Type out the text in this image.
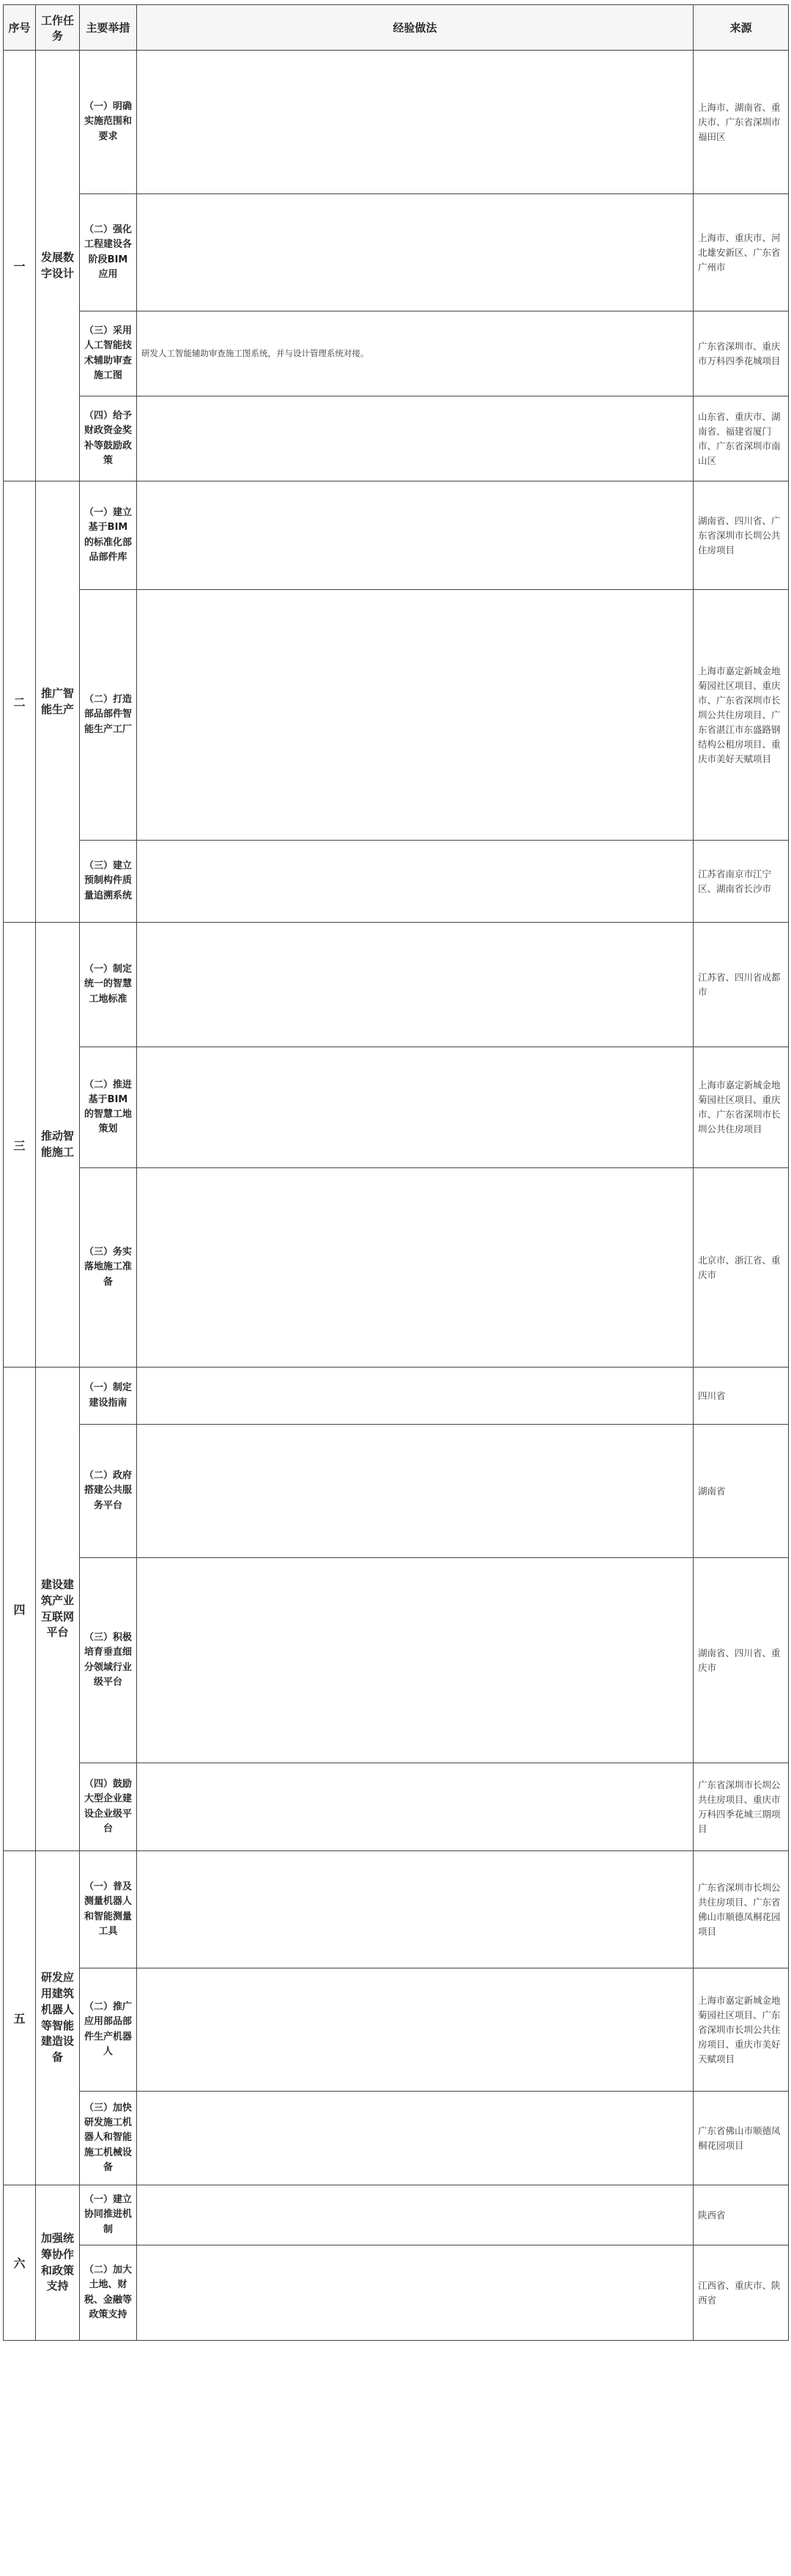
序号	工作任务	主要举措	经验做法	来源
一	发展数字设计	（一）明确实施范围和要求		上海市、湖南省、重庆市、广东省深圳市福田区
		（二）强化工程建设各阶段BIM应用		上海市、重庆市、河北雄安新区、广东省广州市
		（三）采用人工智能技术辅助审查施工图	研发人工智能辅助审查施工图系统，并与设计管理系统对接。	广东省深圳市、重庆市万科四季花城项目
		（四）给予财政资金奖补等鼓励政策		山东省、重庆市、湖南省、福建省厦门市、广东省深圳市南山区
二	推广智能生产	（一）建立基于BIM的标准化部品部件库		湖南省、四川省、广东省深圳市长圳公共住房项目
		（二）打造部品部件智能生产工厂		上海市嘉定新城金地菊园社区项目、重庆市、广东省深圳市长圳公共住房项目、广东省湛江市东盛路钢结构公租房项目、重庆市美好天赋项目
		（三）建立预制构件质量追溯系统		江苏省南京市江宁区、湖南省长沙市
三	推动智能施工	（一）制定统一的智慧工地标准		江苏省、四川省成都市
		（二）推进基于BIM的智慧工地策划		上海市嘉定新城金地菊园社区项目、重庆市、广东省深圳市长圳公共住房项目
		（三）务实落地施工准备		北京市、浙江省、重庆市
四	建设建筑产业互联网平台	（一）制定建设指南		四川省
		（二）政府搭建公共服务平台		湖南省
		（三）积极培育垂直细分领域行业级平台		湖南省、四川省、重庆市
		（四）鼓励大型企业建设企业级平台		广东省深圳市长圳公共住房项目、重庆市万科四季花城三期项目
五	研发应用建筑机器人等智能建造设备	（一）普及测量机器人和智能测量工具		广东省深圳市长圳公共住房项目、广东省佛山市顺德凤桐花园项目
		（二）推广应用部品部件生产机器人		上海市嘉定新城金地菊园社区项目、广东省深圳市长圳公共住房项目、重庆市美好天赋项目
		（三）加快研发施工机器人和智能施工机械设备		广东省佛山市顺德凤桐花园项目
六	加强统筹协作和政策支持	（一）建立协同推进机制		陕西省
		（二）加大土地、财税、金融等政策支持		江西省、重庆市、陕西省
